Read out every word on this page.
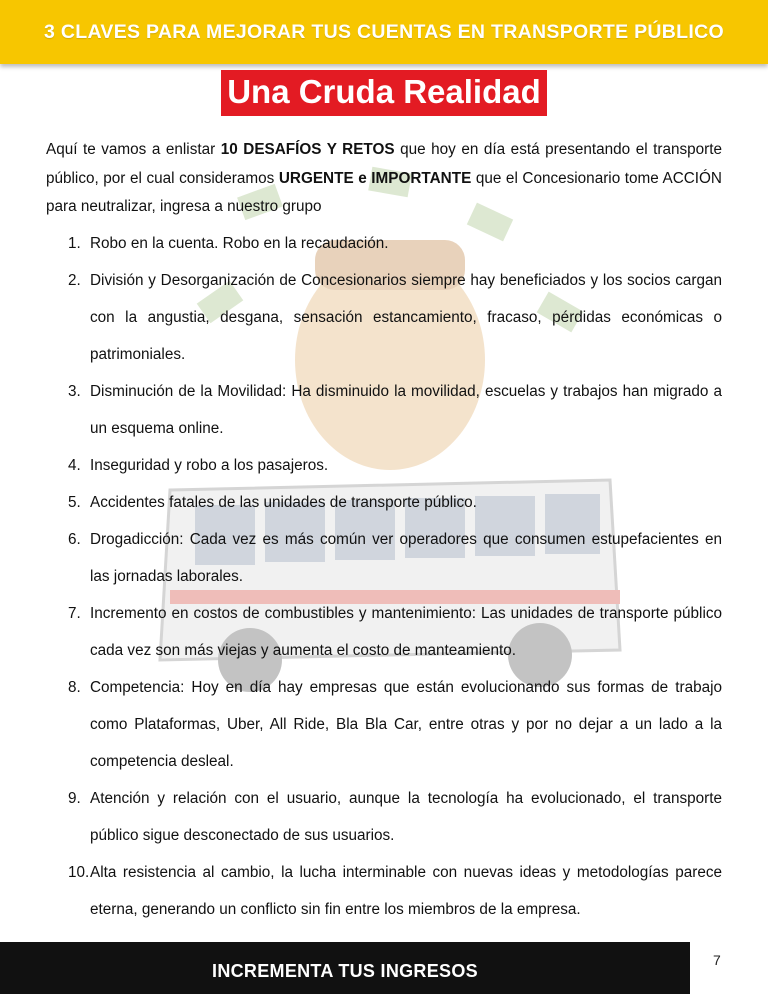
3 CLAVES PARA MEJORAR TUS CUENTAS EN TRANSPORTE PÚBLICO
Una Cruda Realidad

Aquí te vamos a enlistar 10 DESAFÍOS Y RETOS que hoy en día está presentando el transporte público, por el cual consideramos URGENTE e IMPORTANTE que el Concesionario tome ACCIÓN para neutralizar, ingresa a nuestro grupo

1. Robo en la cuenta. Robo en la recaudación.
2. División y Desorganización de Concesionarios siempre hay beneficiados y los socios cargan con la angustia, desgana, sensación estancamiento, fracaso, pérdidas económicas o patrimoniales.
3. Disminución de la Movilidad: Ha disminuido la movilidad, escuelas y trabajos han migrado a un esquema online.
4. Inseguridad y robo a los pasajeros.
5. Accidentes fatales de las unidades de transporte público.
6. Drogadicción: Cada vez es más común ver operadores que consumen estupefacientes en las jornadas laborales.
7. Incremento en costos de combustibles y mantenimiento: Las unidades de transporte público cada vez son más viejas y aumenta el costo de manteamiento.
8. Competencia: Hoy en día hay empresas que están evolucionando sus formas de trabajo como Plataformas, Uber, All Ride, Bla Bla Car, entre otras y por no dejar a un lado a la competencia desleal.
9. Atención y relación con el usuario, aunque la tecnología ha evolucionado, el transporte público sigue desconectado de sus usuarios.
10. Alta resistencia al cambio, la lucha interminable con nuevas ideas y metodologías parece eterna, generando un conflicto sin fin entre los miembros de la empresa.
INCREMENTA TUS INGRESOS
7
